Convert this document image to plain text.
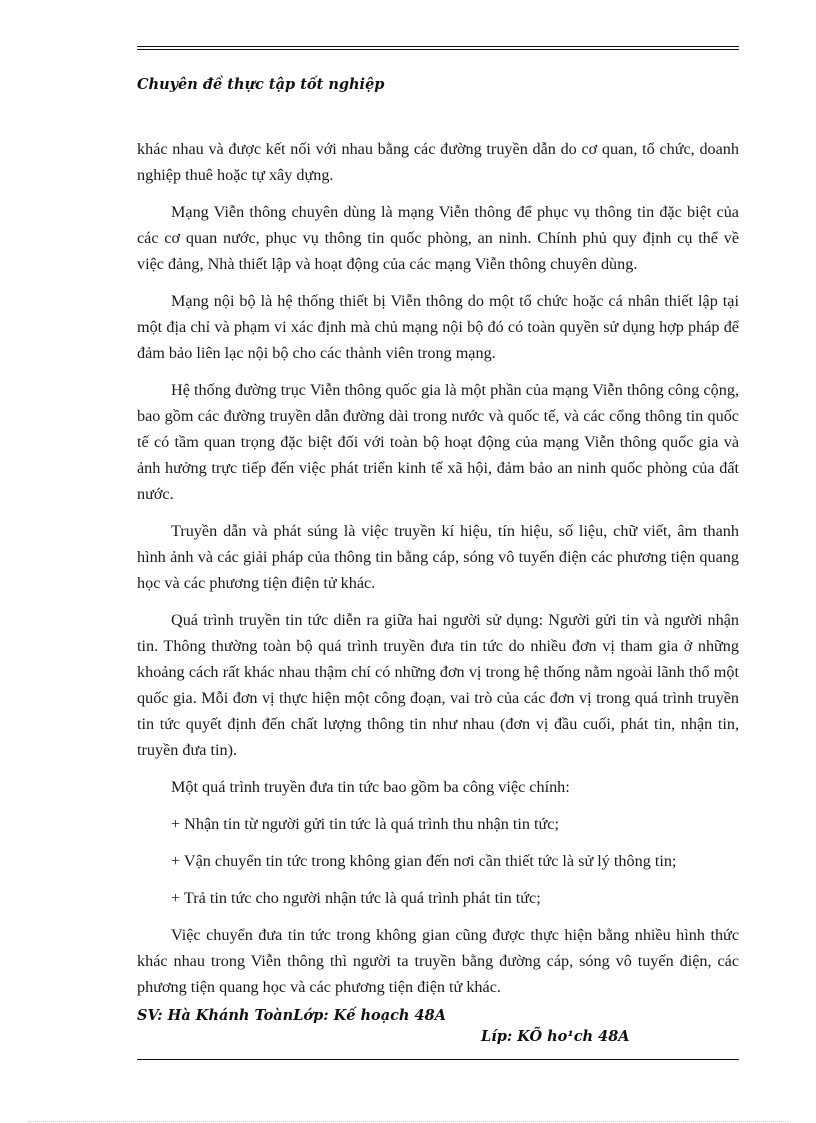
Chuyên đề thực tập tốt nghiệp

khác nhau và được kết nối với nhau bằng các đường truyền dẫn do cơ quan, tổ chức, doanh nghiệp thuê hoặc tự xây dựng.

Mạng Viễn thông chuyên dùng là mạng Viễn thông để phục vụ thông tin đặc biệt của các cơ quan nước, phục vụ thông tin quốc phòng, an ninh. Chính phủ quy định cụ thể về việc đảng, Nhà thiết lập và hoạt động của các mạng Viễn thông chuyên dùng.

Mạng nội bộ là hệ thống thiết bị Viễn thông do một tổ chức hoặc cá nhân thiết lập tại một địa chỉ và phạm vi xác định mà chủ mạng nội bộ đó có toàn quyền sử dụng hợp pháp để đảm bảo liên lạc nội bộ cho các thành viên trong mạng.

Hệ thống đường trục Viễn thông quốc gia là một phần của mạng Viễn thông công cộng, bao gồm các đường truyền dẫn đường dài trong nước và quốc tế, và các cổng thông tin quốc tế có tầm quan trọng đặc biệt đối với toàn bộ hoạt động của mạng Viễn thông quốc gia và ảnh hưởng trực tiếp đến việc phát triển kinh tế xã hội, đảm bảo an ninh quốc phòng của đất nước.

Truyền dẫn và phát súng là việc truyền kí hiệu, tín hiệu, số liệu, chữ viết, âm thanh hình ảnh và các giải pháp của thông tin bằng cáp, sóng vô tuyến điện các phương tiện quang học và các phương tiện điện tử khác.

Quá trình truyền tin tức diễn ra giữa hai người sử dụng: Người gửi tin và người nhận tin. Thông thường toàn bộ quá trình truyền đưa tin tức do nhiều đơn vị tham gia ở những khoảng cách rất khác nhau thậm chí có những đơn vị trong hệ thống nằm ngoài lãnh thổ một quốc gia. Mỗi đơn vị thực hiện một công đoạn, vai trò của các đơn vị trong quá trình truyền tin tức quyết định đến chất lượng thông tin như nhau (đơn vị đầu cuối, phát tin, nhận tin, truyền đưa tin).

Một quá trình truyền đưa tin tức bao gồm ba công việc chính:

+ Nhận tin từ người gửi tin tức là quá trình thu nhận tin tức;

+ Vận chuyển tin tức trong không gian đến nơi cần thiết tức là sử lý thông tin;

+ Trả tin tức cho người nhận tức là quá trình phát tin tức;

Việc chuyển đưa tin tức trong không gian cũng được thực hiện bằng nhiều hình thức khác nhau trong Viễn thông thì người ta truyền bằng đường cáp, sóng vô tuyến điện, các phương tiện quang học và các phương tiện điện tử khác.

SV: Hà Khánh ToànLớp: Kế hoạch 48A
Líp: KÕ ho¹ch 48A
